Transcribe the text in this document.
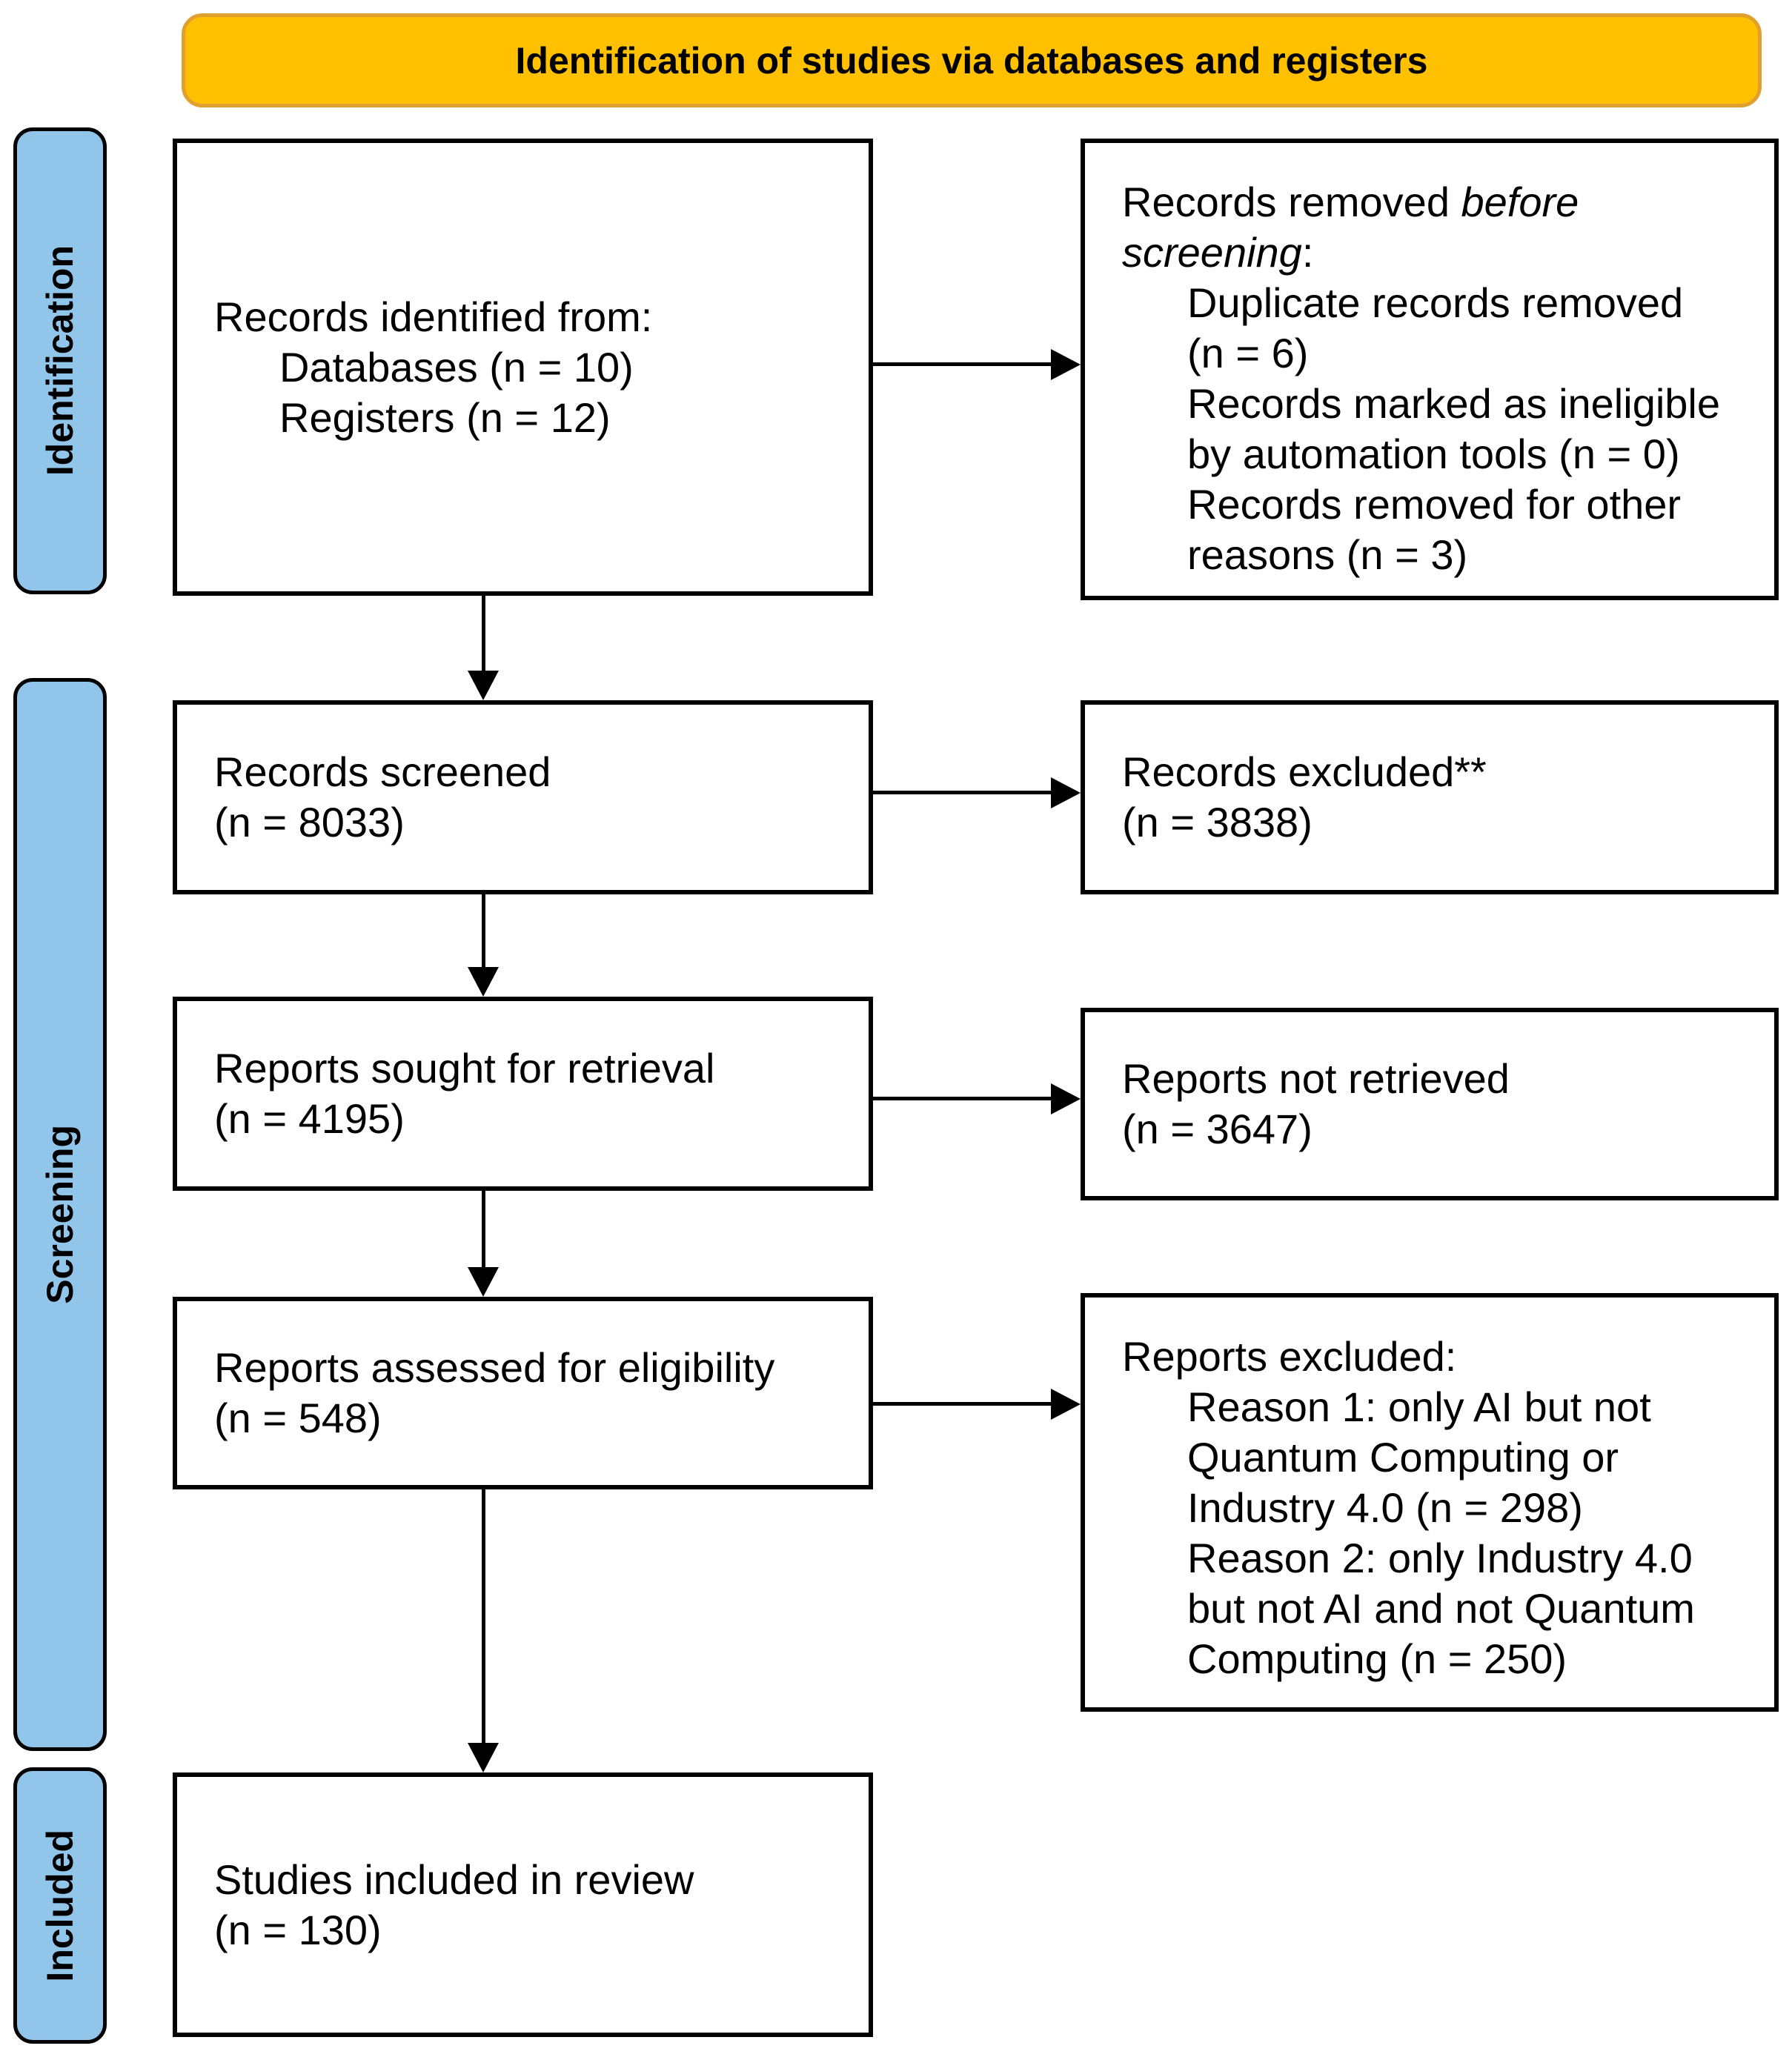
Identification of studies via databases and registers
Identification
Screening
Included
Records identified from:
Databases (n = 10)
Registers (n = 12)
Records removed before
screening:
Duplicate records removed (n = 6)
Records marked as ineligible by automation tools (n = 0)
Records removed for other reasons (n = 3)
Records screened
(n = 8033)
Records excluded**
(n = 3838)
Reports sought for retrieval
(n = 4195)
Reports not retrieved
(n = 3647)
Reports assessed for eligibility
(n = 548)
Reports excluded:
Reason 1: only AI but not Quantum Computing or Industry 4.0 (n = 298)
Reason 2: only Industry 4.0 but not AI and not Quantum Computing (n = 250)
Studies included in review
(n = 130)
